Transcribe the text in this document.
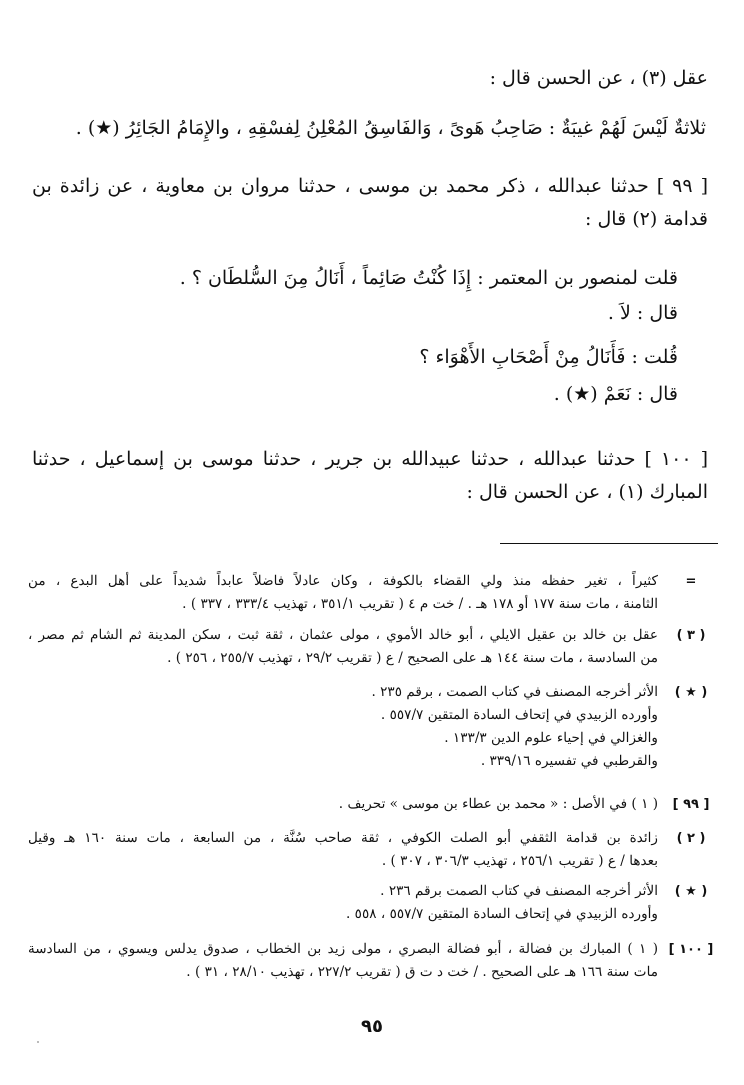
عقل (٣) ، عن الحسن قال :
ثلاثةٌ لَيْسَ لَهُمْ غيبَةٌ : صَاحِبُ هَوىً ، وَالفَاسِقُ المُعْلِنُ لِفسْقِهِ ، والإِمَامُ الجَائِرُ (★) .
[ ٩٩ ] حدثنا عبدالله ، ذكر محمد بن موسى ، حدثنا مروان بن معاوية ، عن زائدة بن
قدامة (٢) قال :
قلت لمنصور بن المعتمر : إِذَا كُنْتُ صَائِماً ، أَنَالُ مِنَ السُّلطَان ؟ .
قال : لاَ .
قُلت : فَأَنَالُ مِنْ أَصْحَابِ الأَهْوَاء ؟
قال : نَعَمْ (★) .
[ ١٠٠ ] حدثنا عبدالله ، حدثنا عبيدالله بن جرير ، حدثنا موسى بن إسماعيل ، حدثنا
المبارك (١) ، عن الحسن قال :
=
كثيراً ، تغير حفظه منذ ولي القضاء بالكوفة ، وكان عادلاً فاضلاً عابداً شديداً على أهل البدع ، من
الثامنة ، مات سنة ١٧٧ أو ١٧٨ هـ . / خت م ٤ ( تقريب ٣٥١/١ ، تهذيب ٣٣٣/٤ ، ٣٣٧ ) .
( ٣ )
عقل بن خالد بن عقيل الايلي ، أبو خالد الأموي ، مولى عثمان ، ثقة ثبت ، سكن المدينة ثم الشام ثم مصر ،
من السادسة ، مات سنة ١٤٤ هـ على الصحيح / ع ( تقريب ٢٩/٢ ، تهذيب ٢٥٥/٧ ، ٢٥٦ ) .
( ★ )
الأثر أخرجه المصنف في كتاب الصمت ، برقم ٢٣٥ .
وأورده الزبيدي في إتحاف السادة المتقين ٥٥٧/٧ .
والغزالي في إحياء علوم الدين ١٣٣/٣ .
والقرطبي في تفسيره ٣٣٩/١٦ .
[ ٩٩ ]
( ١ ) في الأصل : « محمد بن عطاء بن موسى » تحريف .
( ٢ )
زائدة بن قدامة الثقفي أبو الصلت الكوفي ، ثقة صاحب سُنَّة ، من السابعة ، مات سنة ١٦٠ هـ وقيل
بعدها / ع ( تقريب ٢٥٦/١ ، تهذيب ٣٠٦/٣ ، ٣٠٧ ) .
( ★ )
الأثر أخرجه المصنف في كتاب الصمت برقم ٢٣٦ .
وأورده الزبيدي في إتحاف السادة المتقين ٥٥٧/٧ ، ٥٥٨ .
[ ١٠٠ ]
( ١ ) المبارك بن فضالة ، أبو فضالة البصري ، مولى زيد بن الخطاب ، صدوق يدلس ويسوي ، من السادسة
مات سنة ١٦٦ هـ على الصحيح . / خت د ت ق ( تقريب ٢٢٧/٢ ، تهذيب ٢٨/١٠ ، ٣١ ) .
٩٥
